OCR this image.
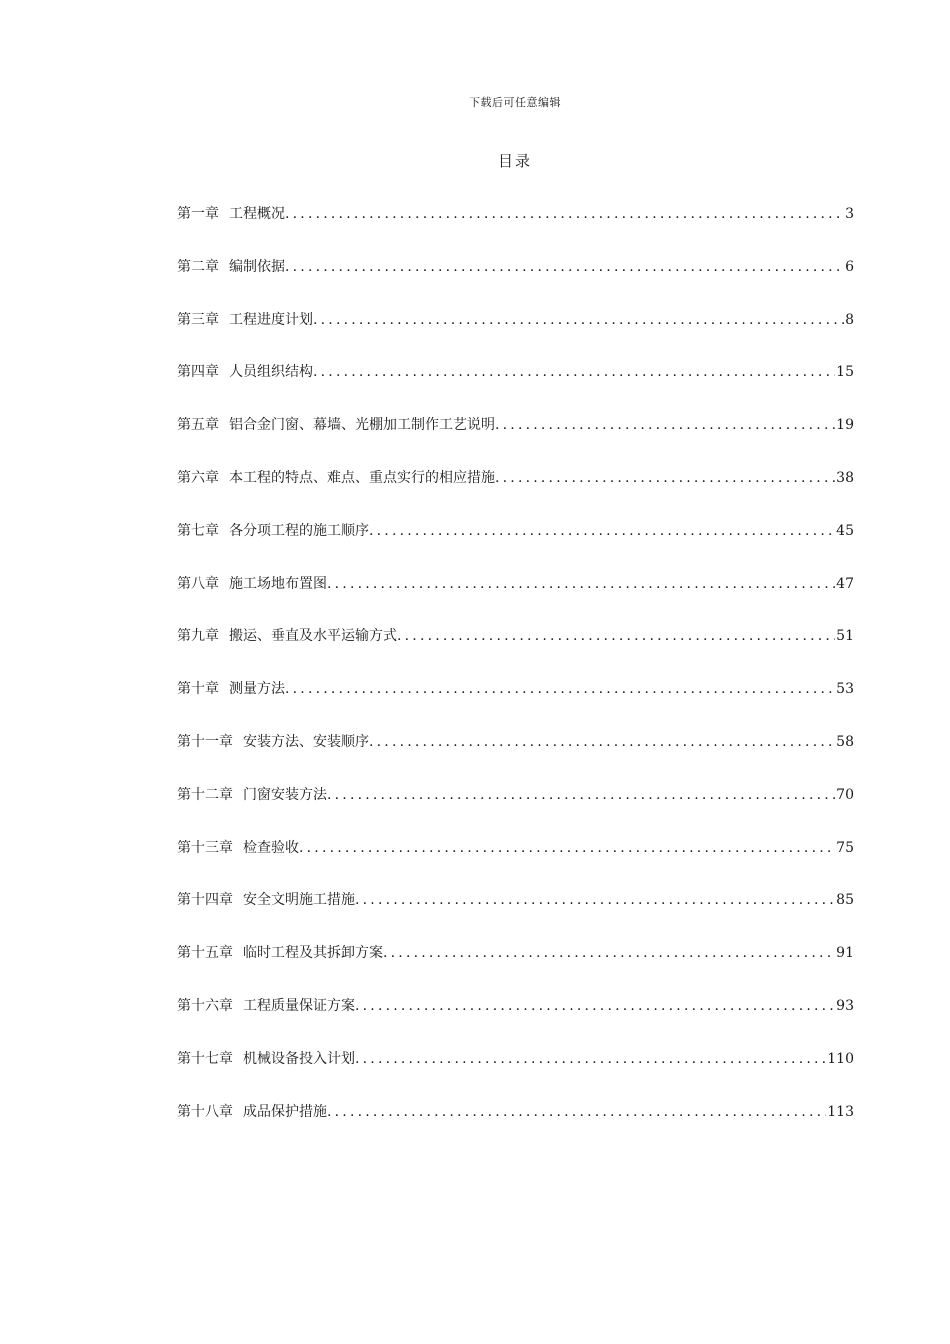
下载后可任意编辑
目录
第一章 工程概况 .....	3
第二章 编制依据 .....	6
第三章 工程进度计划 .....	8
第四章 人员组织结构 .....	15
第五章 铝合金门窗、幕墙、光棚加工制作工艺说明 .....	19
第六章 本工程的特点、难点、重点实行的相应措施 .....	38
第七章 各分项工程的施工顺序 .....	45
第八章 施工场地布置图 .....	47
第九章 搬运、垂直及水平运输方式 .....	51
第十章 测量方法 .....	53
第十一章 安装方法、安装顺序 .....	58
第十二章 门窗安装方法 .....	70
第十三章 检查验收 .....	75
第十四章 安全文明施工措施 .....	85
第十五章 临时工程及其拆卸方案 .....	91
第十六章 工程质量保证方案 .....	93
第十七章 机械设备投入计划 .....	110
第十八章 成品保护措施 .....	113
